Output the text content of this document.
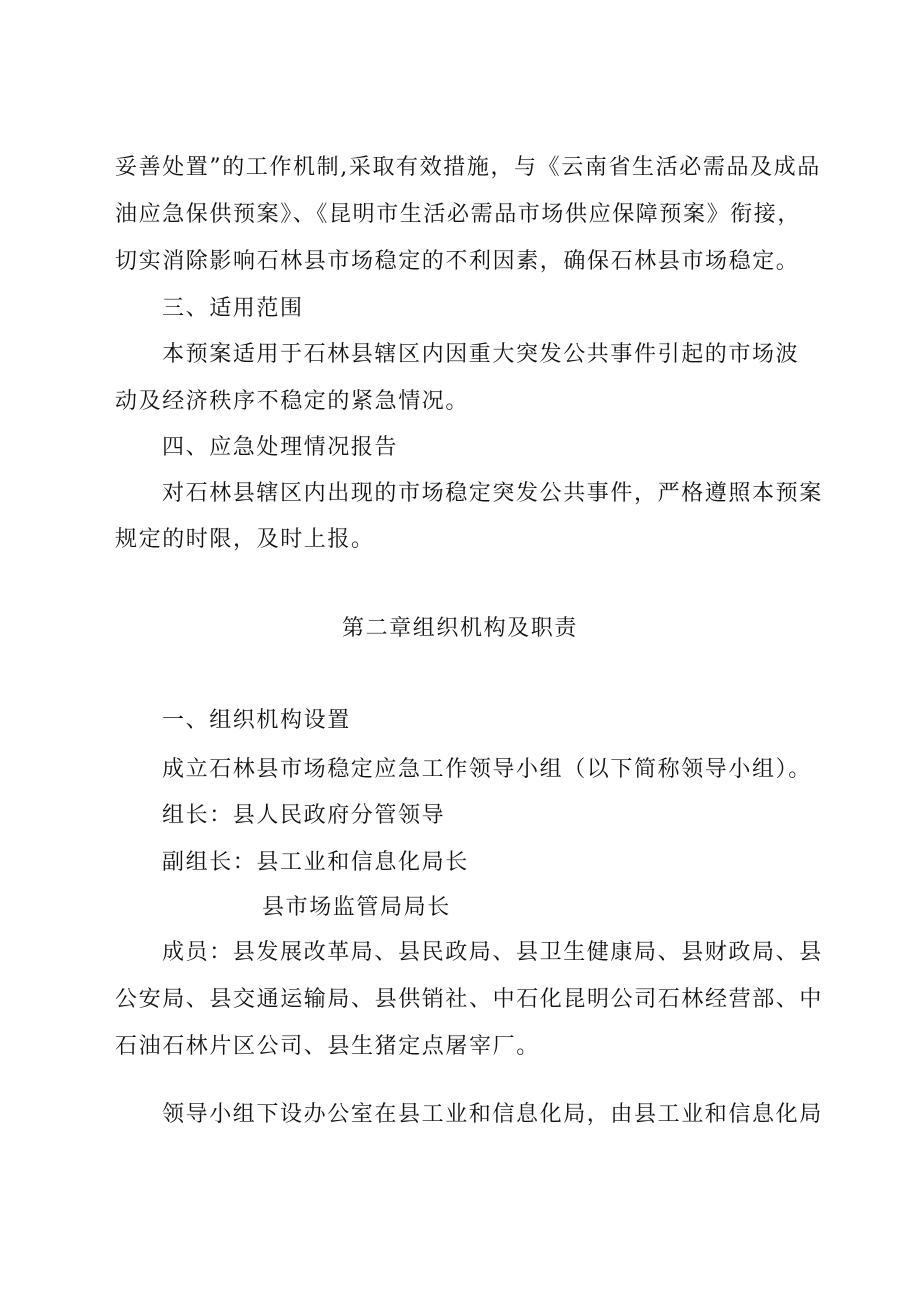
妥善处置”的工作机制,采取有效措施，与《云南省生活必需品及成品
油应急保供预案》、《昆明市生活必需品市场供应保障预案》衔接，
切实消除影响石林县市场稳定的不利因素，确保石林县市场稳定。
三、适用范围
本预案适用于石林县辖区内因重大突发公共事件引起的市场波
动及经济秩序不稳定的紧急情况。
四、应急处理情况报告
对石林县辖区内出现的市场稳定突发公共事件，严格遵照本预案
规定的时限，及时上报。
第二章组织机构及职责
一、组织机构设置
成立石林县市场稳定应急工作领导小组（以下简称领导小组）。
组长：县人民政府分管领导
副组长：县工业和信息化局长
县市场监管局局长
成员：县发展改革局、县民政局、县卫生健康局、县财政局、县
公安局、县交通运输局、县供销社、中石化昆明公司石林经营部、中
石油石林片区公司、县生猪定点屠宰厂。
领导小组下设办公室在县工业和信息化局，由县工业和信息化局
